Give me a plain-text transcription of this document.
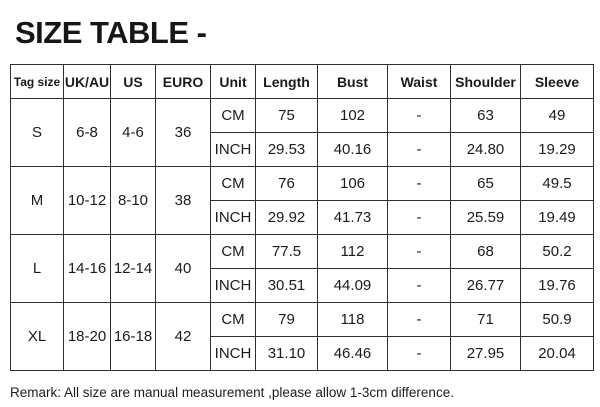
SIZE TABLE -
Tag size	UK/AU	US	EURO	Unit	Length	Bust	Waist	Shoulder	Sleeve
S	6-8	4-6	36	CM	75	102	-	63	49
				INCH	29.53	40.16	-	24.80	19.29
M	10-12	8-10	38	CM	76	106	-	65	49.5
				INCH	29.92	41.73	-	25.59	19.49
L	14-16	12-14	40	CM	77.5	112	-	68	50.2
				INCH	30.51	44.09	-	26.77	19.76
XL	18-20	16-18	42	CM	79	118	-	71	50.9
				INCH	31.10	46.46	-	27.95	20.04
Remark: All size are manual measurement ,please allow 1-3cm difference.
